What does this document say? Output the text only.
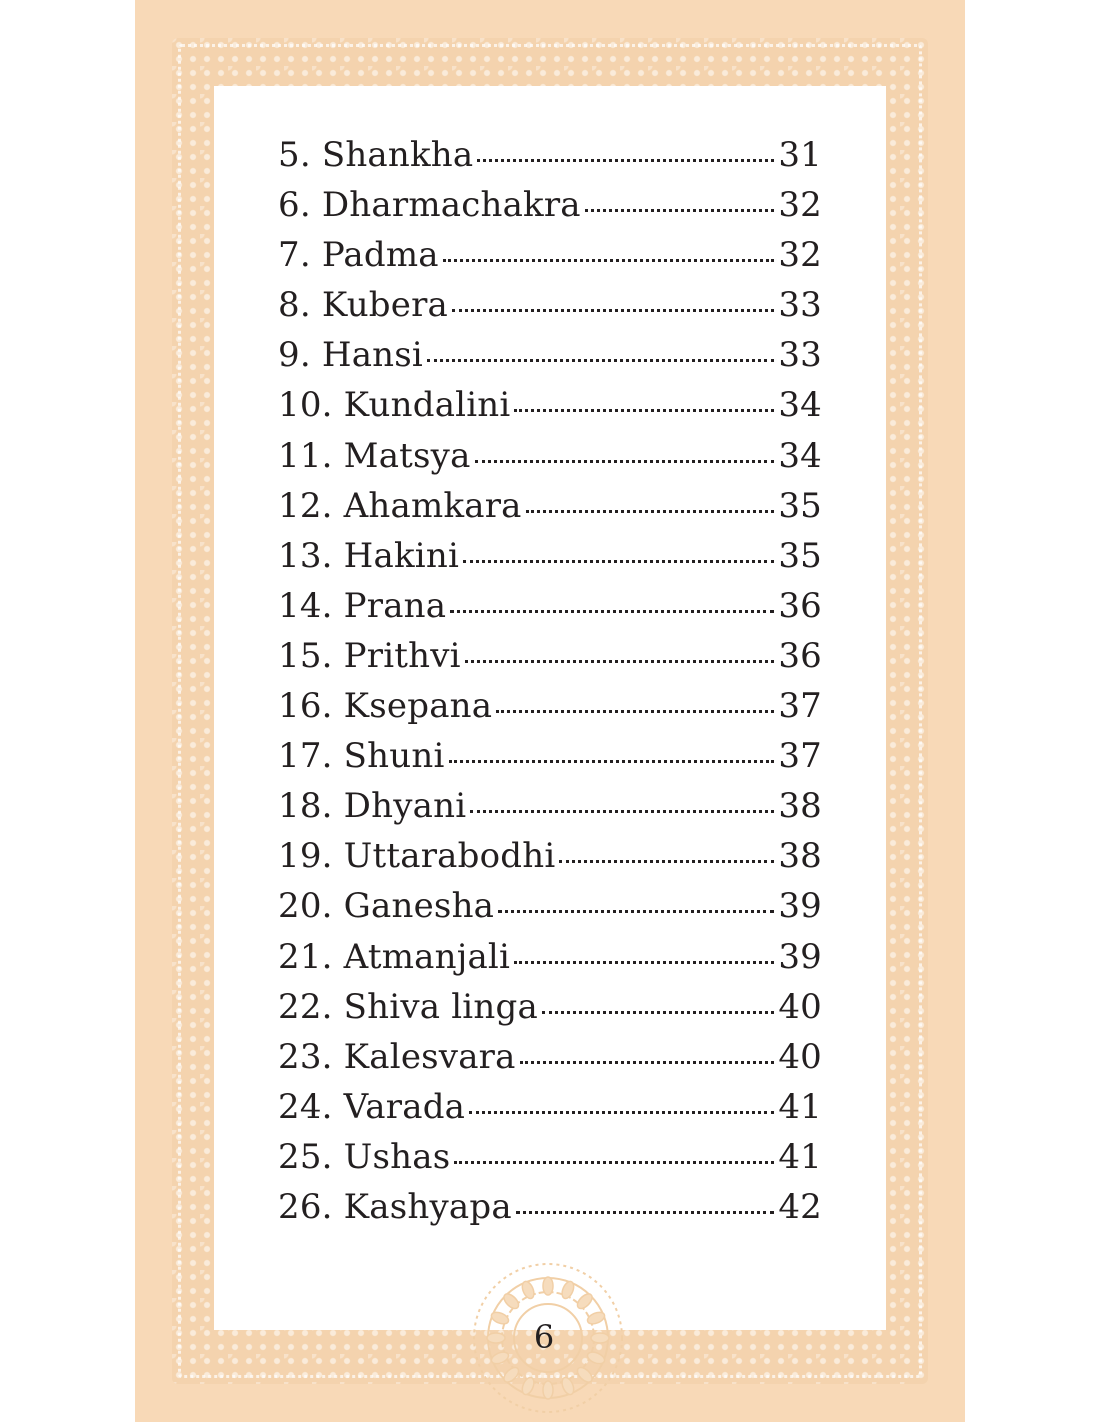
5. Shankha	31
6. Dharmachakra	32
7. Padma	32
8. Kubera	33
9. Hansi	33
10. Kundalini	34
11. Matsya	34
12. Ahamkara	35
13. Hakini	35
14. Prana	36
15. Prithvi	36
16. Ksepana	37
17. Shuni	37
18. Dhyani	38
19. Uttarabodhi	38
20. Ganesha	39
21. Atmanjali	39
22. Shiva linga	40
23. Kalesvara	40
24. Varada	41
25. Ushas	41
26. Kashyapa	42
6
